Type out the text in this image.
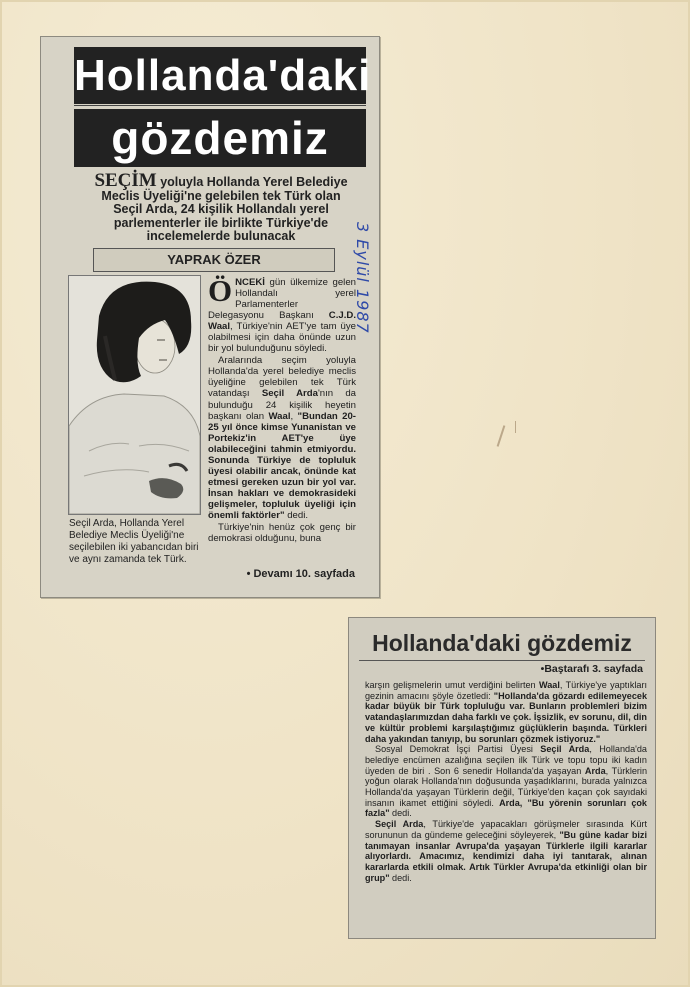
Hollanda'daki
gözdemiz
SEÇİM yoluyla Hollanda Yerel Belediye Meclis Üyeliği'ne gelebilen tek Türk olan Seçil Arda, 24 kişilik Hollandalı yerel parlementerler ile birlikte Türkiye'de incelemelerde bulunacak
YAPRAK ÖZER
Seçil Arda, Hollanda Yerel Belediye Meclis Üyeliği'ne seçilebilen iki yabancıdan biri ve aynı zamanda tek Türk.

ÖNCEKİ gün ülkemize gelen Hollandalı yerel Parlamenterler Delegasyonu Başkanı C.J.D. Waal, Türkiye'nin AET'ye tam üye olabilmesi için daha önünde uzun bir yol bulunduğunu söyledi.

Aralarında seçim yoluyla Hollanda'da yerel belediye meclis üyeliğine gelebilen tek Türk vatandaşı Seçil Arda'nın da bulunduğu 24 kişilik heyetin başkanı olan Waal, "Bundan 20-25 yıl önce kimse Yunanistan ve Portekiz'in AET'ye üye olabileceğini tahmin etmiyordu. Sonunda Türkiye de topluluk üyesi olabilir ancak, önünde kat etmesi gereken uzun bir yol var. İnsan hakları ve demokrasideki gelişmeler, topluluk üyeliği için önemli faktörler" dedi.

Türkiye'nin henüz çok genç bir demokrasi olduğunu, buna

• Devamı 10. sayfada
3 Eylül 1987
Hollanda'daki gözdemiz
•Baştarafı 3. sayfada

karşın gelişmelerin umut verdiğini belirten Waal, Türkiye'ye yaptıkları gezinin amacını şöyle özetledi: "Hollanda'da gözardı edilemeyecek kadar büyük bir Türk topluluğu var. Bunların problemleri bizim vatandaşlarımızdan daha farklı ve çok. İşsizlik, ev sorunu, dil, din ve kültür problemi karşılaştığımız güçlüklerin başında. Türkleri daha yakından tanıyıp, bu sorunları çözmek istiyoruz."

Sosyal Demokrat İşçi Partisi Üyesi Seçil Arda, Hollanda'da belediye encümen azalığına seçilen ilk Türk ve topu topu iki kadın üyeden de biri . Son 6 senedir Hollanda'da yaşayan Arda, Türklerin yoğun olarak Hollanda'nın doğusunda yaşadıklarını, burada yalnızca Hollanda'da yaşayan Türklerin değil, Türkiye'den kaçan çok sayıdaki insanın ikamet ettiğini söyledi. Arda, "Bu yörenin sorunları çok fazla" dedi.

Seçil Arda, Türkiye'de yapacakları görüşmeler sırasında Kürt sorununun da gündeme geleceğini söyleyerek, "Bu güne kadar bizi tanımayan insanlar Avrupa'da yaşayan Türklerle ilgili kararlar alıyorlardı. Amacımız, kendimizi daha iyi tanıtarak, alınan kararlarda etkili olmak. Artık Türkler Avrupa'da etkinliği olan bir grup" dedi.
